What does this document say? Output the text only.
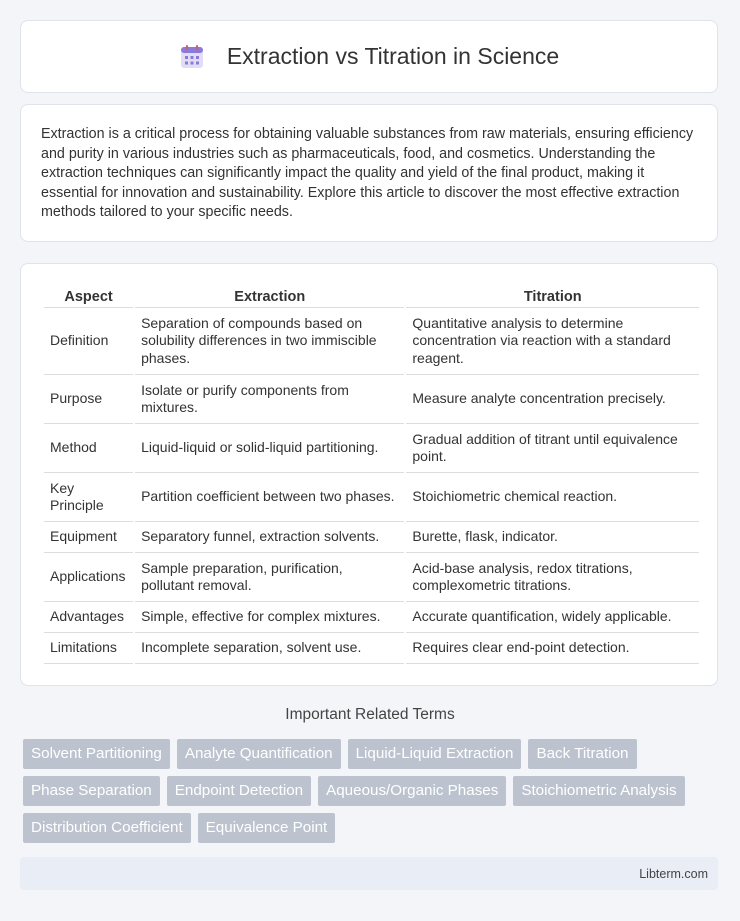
Extraction vs Titration in Science

Extraction is a critical process for obtaining valuable substances from raw materials, ensuring efficiency and purity in various industries such as pharmaceuticals, food, and cosmetics. Understanding the extraction techniques can significantly impact the quality and yield of the final product, making it essential for innovation and sustainability. Explore this article to discover the most effective extraction methods tailored to your specific needs.

Aspect	Extraction	Titration
Definition	Separation of compounds based on solubility differences in two immiscible phases.	Quantitative analysis to determine concentration via reaction with a standard reagent.
Purpose	Isolate or purify components from mixtures.	Measure analyte concentration precisely.
Method	Liquid-liquid or solid-liquid partitioning.	Gradual addition of titrant until equivalence point.
Key Principle	Partition coefficient between two phases.	Stoichiometric chemical reaction.
Equipment	Separatory funnel, extraction solvents.	Burette, flask, indicator.
Applications	Sample preparation, purification, pollutant removal.	Acid-base analysis, redox titrations, complexometric titrations.
Advantages	Simple, effective for complex mixtures.	Accurate quantification, widely applicable.
Limitations	Incomplete separation, solvent use.	Requires clear end-point detection.
Important Related Terms
Solvent Partitioning	Analyte Quantification	Liquid-Liquid Extraction	Back Titration
Phase Separation	Endpoint Detection	Aqueous/Organic Phases	Stoichiometric Analysis
Distribution Coefficient	Equivalence Point
Libterm.com
